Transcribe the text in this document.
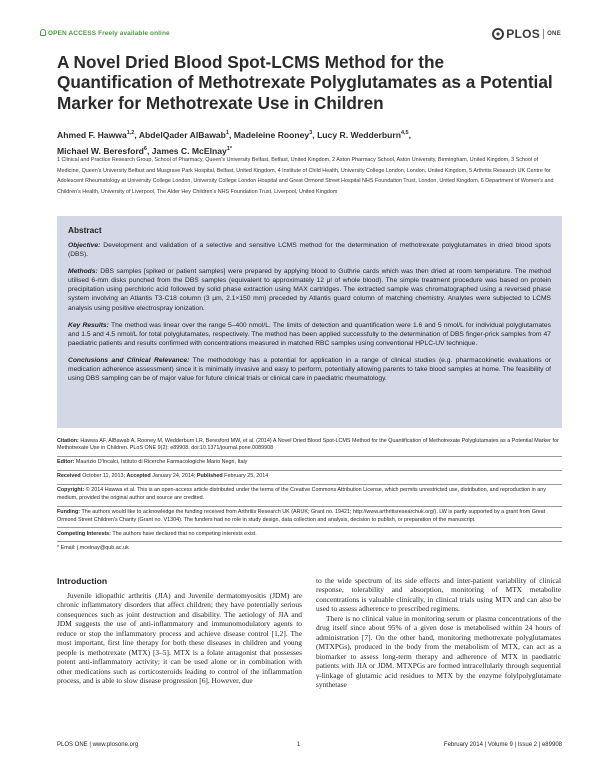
OPEN ACCESS Freely available online	PLOS ONE
A Novel Dried Blood Spot-LCMS Method for the Quantification of Methotrexate Polyglutamates as a Potential Marker for Methotrexate Use in Children
Ahmed F. Hawwa$^{1,2}$, AbdelQader AlBawab$^1$, Madeleine Rooney$^3$, Lucy R. Wedderburn$^{4,5}$,
Michael W. Beresford$^6$, James C. McElnay$^{1*}$

1 Clinical and Practice Research Group, School of Pharmacy, Queen's University Belfast, Belfast, United Kingdom, 2 Aston Pharmacy School, Aston University, Birmingham, United Kingdom, 3 School of Medicine, Queen's University Belfast and Musgrave Park Hospital, Belfast, United Kingdom, 4 Institute of Child Health, University College London, London, United Kingdom, 5 Arthritis Research UK Centre for Adolescent Rheumatology at University College London, University College London Hospital and Great Ormond Street Hospital NHS Foundation Trust, London, United Kingdom, 6 Department of Women's and Children's Health, University of Liverpool, The Alder Hey Children's NHS Foundation Trust, Liverpool, United Kingdom

Abstract

Objective: Development and validation of a selective and sensitive LCMS method for the determination of methotrexate polyglutamates in dried blood spots (DBS).

Methods: DBS samples [spiked or patient samples] were prepared by applying blood to Guthrie cards which was then dried at room temperature. The method utilised 6-mm disks punched from the DBS samples (equivalent to approximately 12 μl of whole blood). The simple treatment procedure was based on protein precipitation using perchloric acid followed by solid phase extraction using MAX cartridges. The extracted sample was chromatographed using a reversed phase system involving an Atlantis T3-C18 column (3 μm, 2.1×150 mm) preceded by Atlantis guard column of matching chemistry. Analytes were subjected to LCMS analysis using positive electrospray ionization.

Key Results: The method was linear over the range 5–400 nmol/L. The limits of detection and quantification were 1.6 and 5 nmol/L for individual polyglutamates and 1.5 and 4.5 nmol/L for total polyglutamates, respectively. The method has been applied successfully to the determination of DBS finger-prick samples from 47 paediatric patients and results confirmed with concentrations measured in matched RBC samples using conventional HPLC-UV technique.

Conclusions and Clinical Relevance: The methodology has a potential for application in a range of clinical studies (e.g. pharmacokinetic evaluations or medication adherence assessment) since it is minimally invasive and easy to perform, potentially allowing parents to take blood samples at home. The feasibility of using DBS sampling can be of major value for future clinical trials or clinical care in paediatric rheumatology.

Citation: Hawwa AF, AlBawab A, Rooney M, Wedderburn LR, Beresford MW, et al. (2014) A Novel Dried Blood Spot-LCMS Method for the Quantification of Methotrexate Polyglutamates as a Potential Marker for Methotrexate Use in Children. PLoS ONE 9(2): e89908. doi:10.1371/journal.pone.0089908
Editor: Maurizio D'Incalci, Istituto di Ricerche Farmacologiche Mario Negri, Italy
Received October 11, 2013; Accepted January 24, 2014; Published February 25, 2014
Copyright: © 2014 Hawwa et al. This is an open-access article distributed under the terms of the Creative Commons Attribution License, which permits unrestricted use, distribution, and reproduction in any medium, provided the original author and source are credited.
Funding: The authors would like to acknowledge the funding received from Arthritis Research UK (ARUK; Grant no. 19421; http://www.arthritisresearchuk.org/). LW is partly supported by a grant from Great Ormond Street Children's Charity (Grant no. V1304). The funders had no role in study design, data collection and analysis, decision to publish, or preparation of the manuscript.
Competing Interests: The authors have declared that no competing interests exist.
* Email: j.mcelnay@qub.ac.uk
Introduction

Juvenile idiopathic arthritis (JIA) and Juvenile dermatomyositis (JDM) are chronic inflammatory disorders that affect children; they have potentially serious consequences such as joint destruction and disability. The aetiology of JIA and JDM suggests the use of anti-inflammatory and immunomodulatory agents to reduce or stop the inflammatory process and achieve disease control [1,2]. The most important, first line therapy for both these diseases in children and young people is methotrexate (MTX) [3–5]. MTX is a folate antagonist that possesses potent anti-inflammatory activity; it can be used alone or in combination with other medications such as corticosteroids leading to control of the inflammation process, and is able to slow disease progression [6]. However, due

to the wide spectrum of its side effects and inter-patient variability of clinical response, tolerability and absorption, monitoring of MTX metabolite concentrations is valuable clinically, in clinical trials using MTX and can also be used to assess adherence to prescribed regimens.

There is no clinical value in monitoring serum or plasma concentrations of the drug itself since about 95% of a given dose is metabolised within 24 hours of administration [7]. On the other hand, monitoring methotrexate polyglutamates (MTXPGs), produced in the body from the metabolism of MTX, can act as a biomarker to assess long-term therapy and adherence of MTX in paediatric patients with JIA or JDM. MTXPGs are formed intracellularly through sequential γ-linkage of glutamic acid residues to MTX by the enzyme folylpolyglutamate synthetase

PLOS ONE | www.plosone.org	1	February 2014 | Volume 9 | Issue 2 | e89908
